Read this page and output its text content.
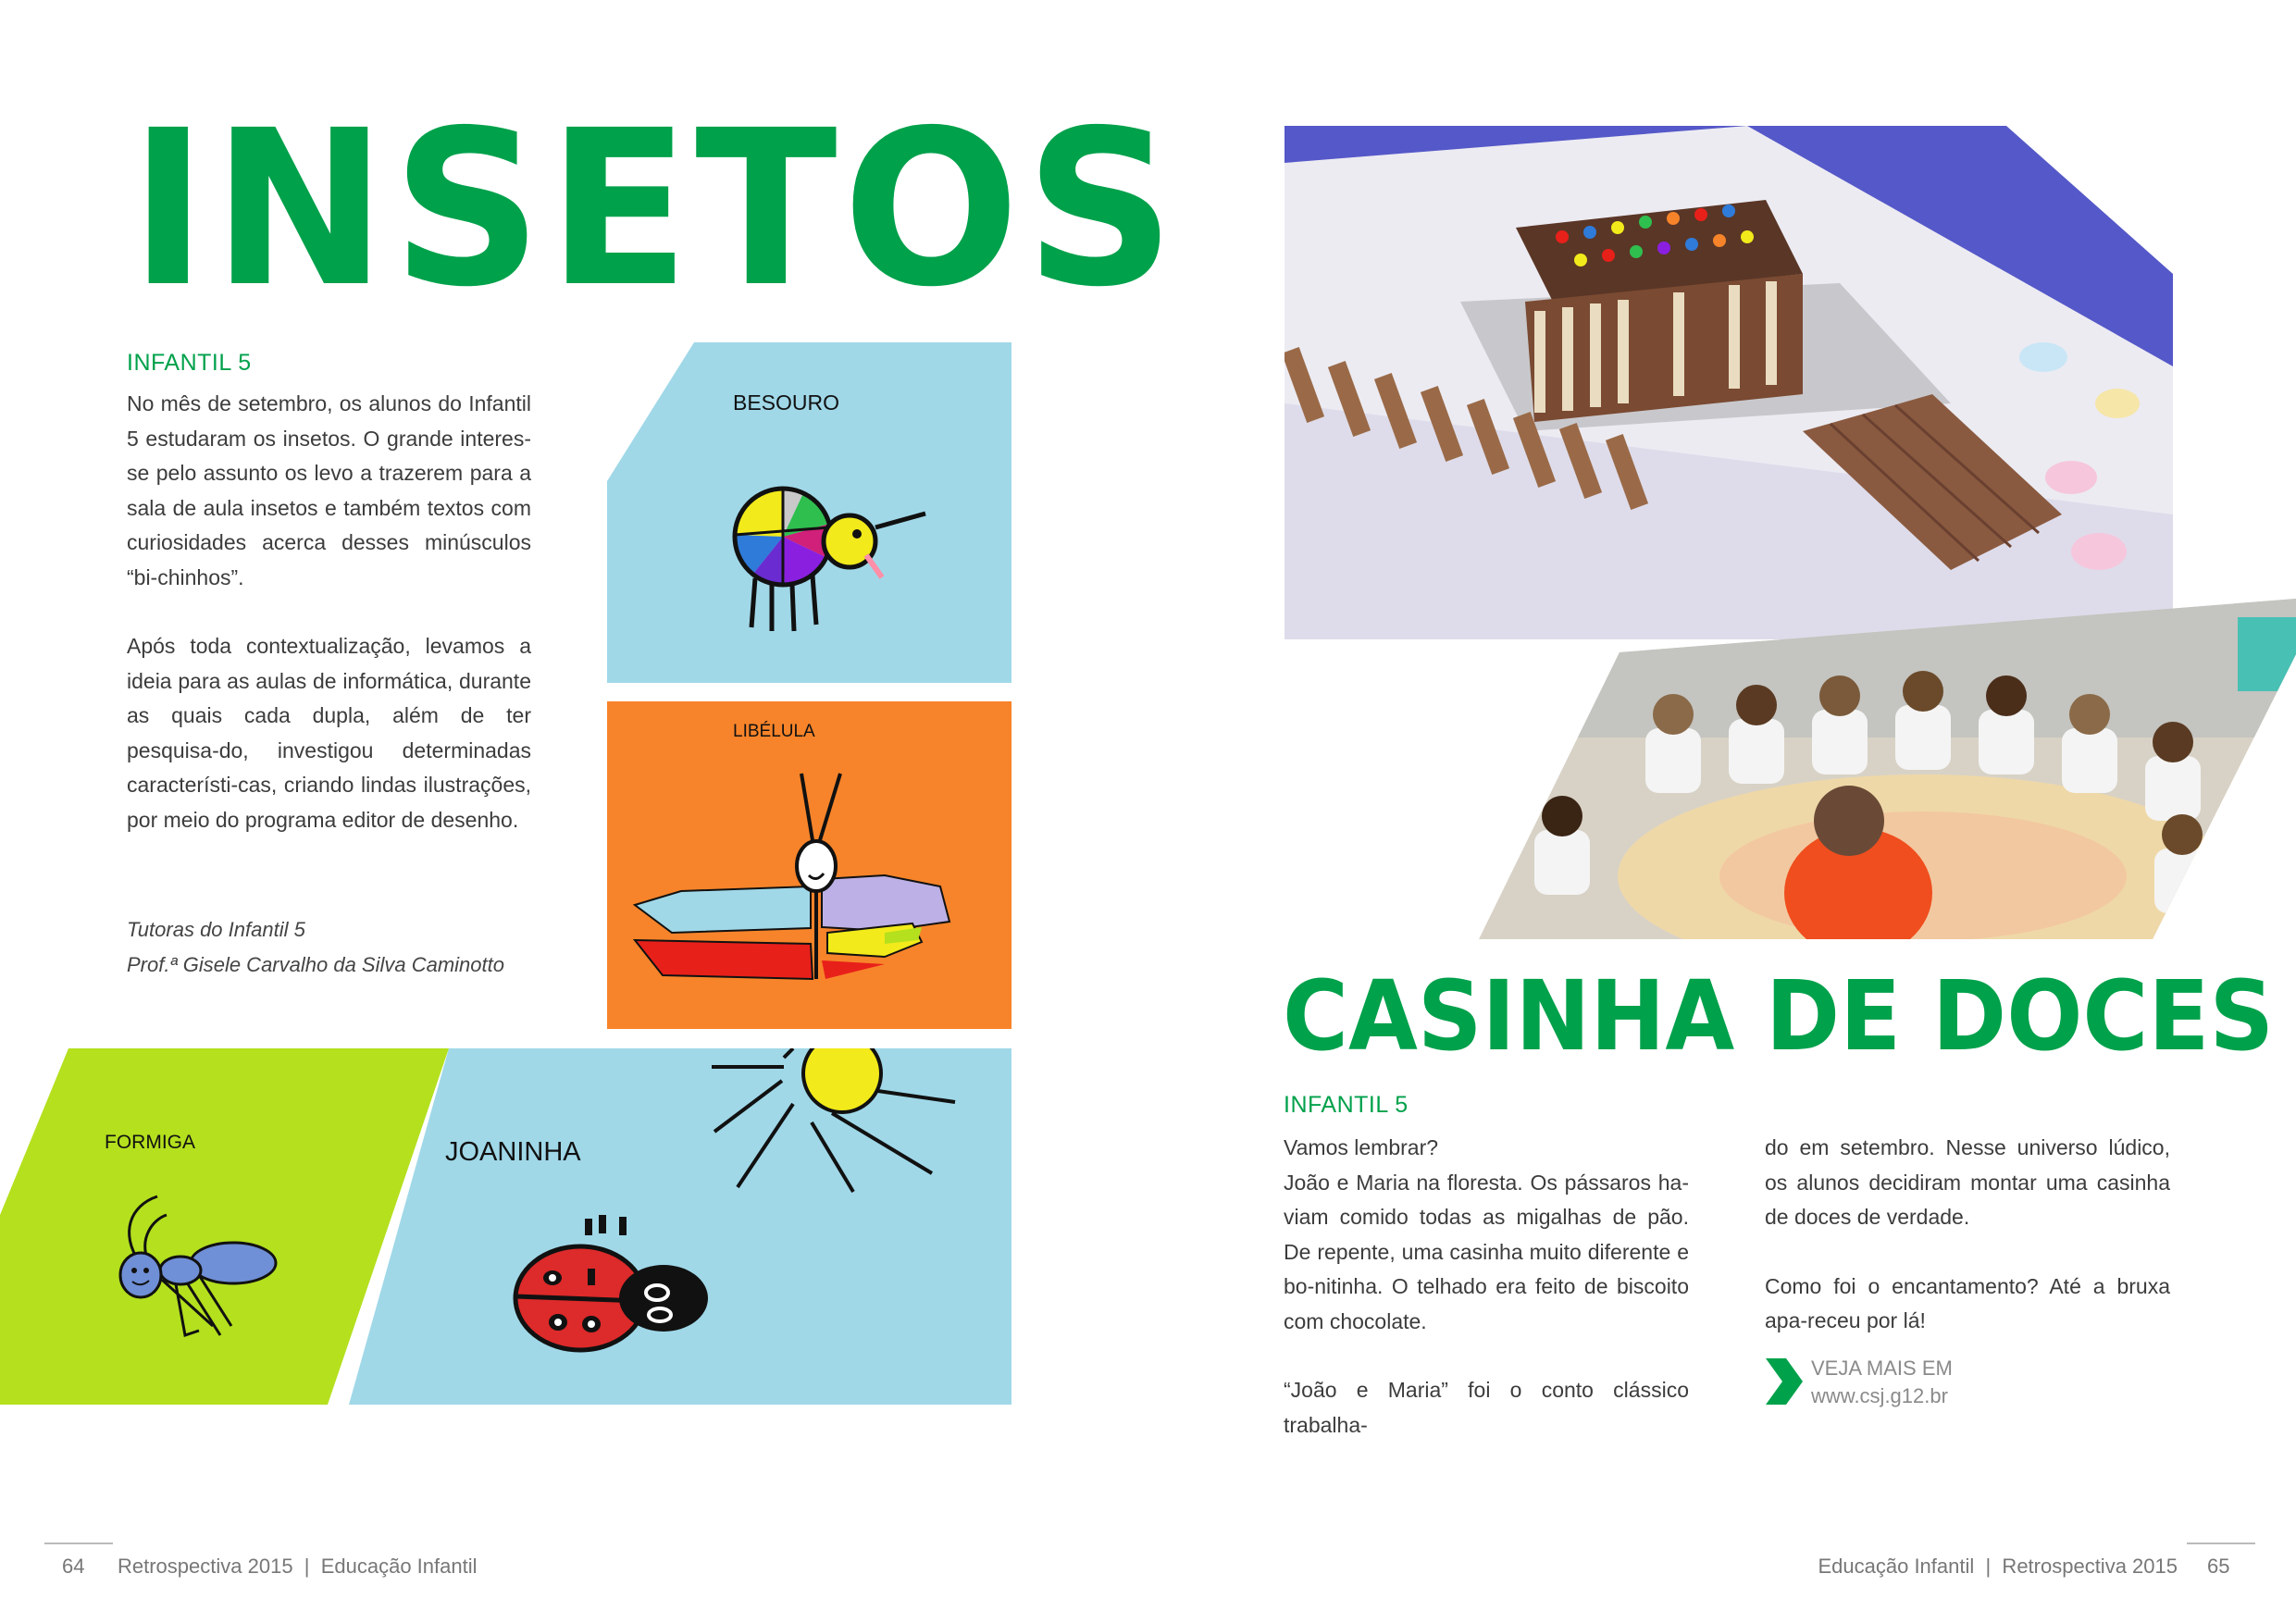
INSETOS
INFANTIL 5

No mês de setembro, os alunos do Infantil 5 estudaram os insetos. O grande interes-se pelo assunto os levo a trazerem para a sala de aula insetos e também textos com curiosidades acerca desses minúsculos “bi-chinhos”.

Após toda contextualização, levamos a ideia para as aulas de informática, durante as quais cada dupla, além de ter pesquisa-do, investigou determinadas característi-cas, criando lindas ilustrações, por meio do programa editor de desenho.

Tutoras do Infantil 5
Prof.ª Gisele Carvalho da Silva Caminotto
BESOURO
LIBÉLULA
FORMIGA	JOANINHA
CASINHA DE DOCES
INFANTIL 5

Vamos lembrar?

João e Maria na floresta. Os pássaros ha-viam comido todas as migalhas de pão. De repente, uma casinha muito diferente e bo-nitinha. O telhado era feito de biscoito com chocolate.

“João e Maria” foi o conto clássico trabalha-

do em setembro. Nesse universo lúdico, os alunos decidiram montar uma casinha de doces de verdade.

Como foi o encantamento? Até a bruxa apa-receu por lá!

VEJA MAIS EM
www.csj.g12.br
64 Retrospectiva 2015  |  Educação Infantil	Educação Infantil  |  Retrospectiva 2015 65
